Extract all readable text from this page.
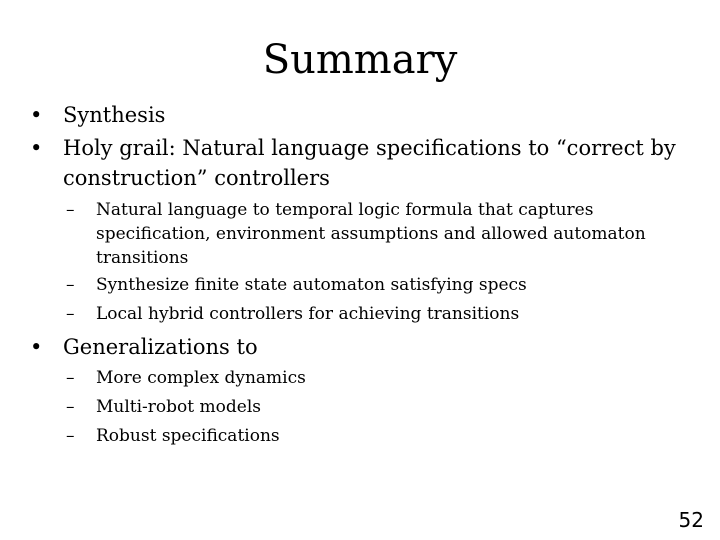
Summary
• Synthesis
• Holy grail: Natural language specifications to “correct by construction” controllers
–	Natural language to temporal logic formula that captures specification, environment assumptions and allowed automaton transitions
–	Synthesize finite state automaton satisfying specs
–	Local hybrid controllers for achieving transitions
• Generalizations to
–	More complex dynamics
–	Multi-robot models
–	Robust specifications
52
